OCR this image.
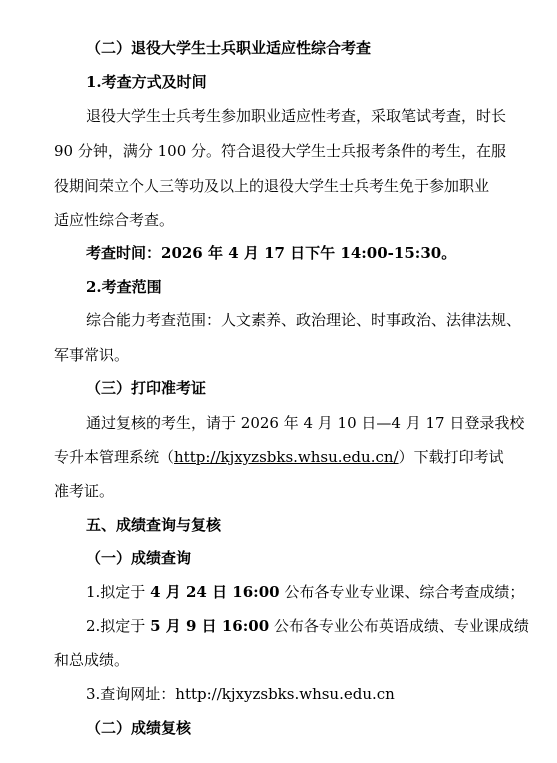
（二）退役大学生士兵职业适应性综合考查
1.考查方式及时间
退役大学生士兵考生参加职业适应性考查，采取笔试考查，时长
90 分钟，满分 100 分。符合退役大学生士兵报考条件的考生，在服
役期间荣立个人三等功及以上的退役大学生士兵考生免于参加职业
适应性综合考查。
考查时间：2026 年 4 月 17 日下午 14:00-15:30。
2.考查范围
综合能力考查范围：人文素养、政治理论、时事政治、法律法规、
军事常识。
（三）打印准考证
通过复核的考生，请于 2026 年 4 月 10 日—4 月 17 日登录我校
专升本管理系统（http://kjxyzsbks.whsu.edu.cn/）下载打印考试
准考证。
五、成绩查询与复核
（一）成绩查询
1.拟定于 4 月 24 日 16:00 公布各专业专业课、综合考查成绩；
2.拟定于 5 月 9 日 16:00 公布各专业公布英语成绩、专业课成绩
和总成绩。
3.查询网址：http://kjxyzsbks.whsu.edu.cn
（二）成绩复核
